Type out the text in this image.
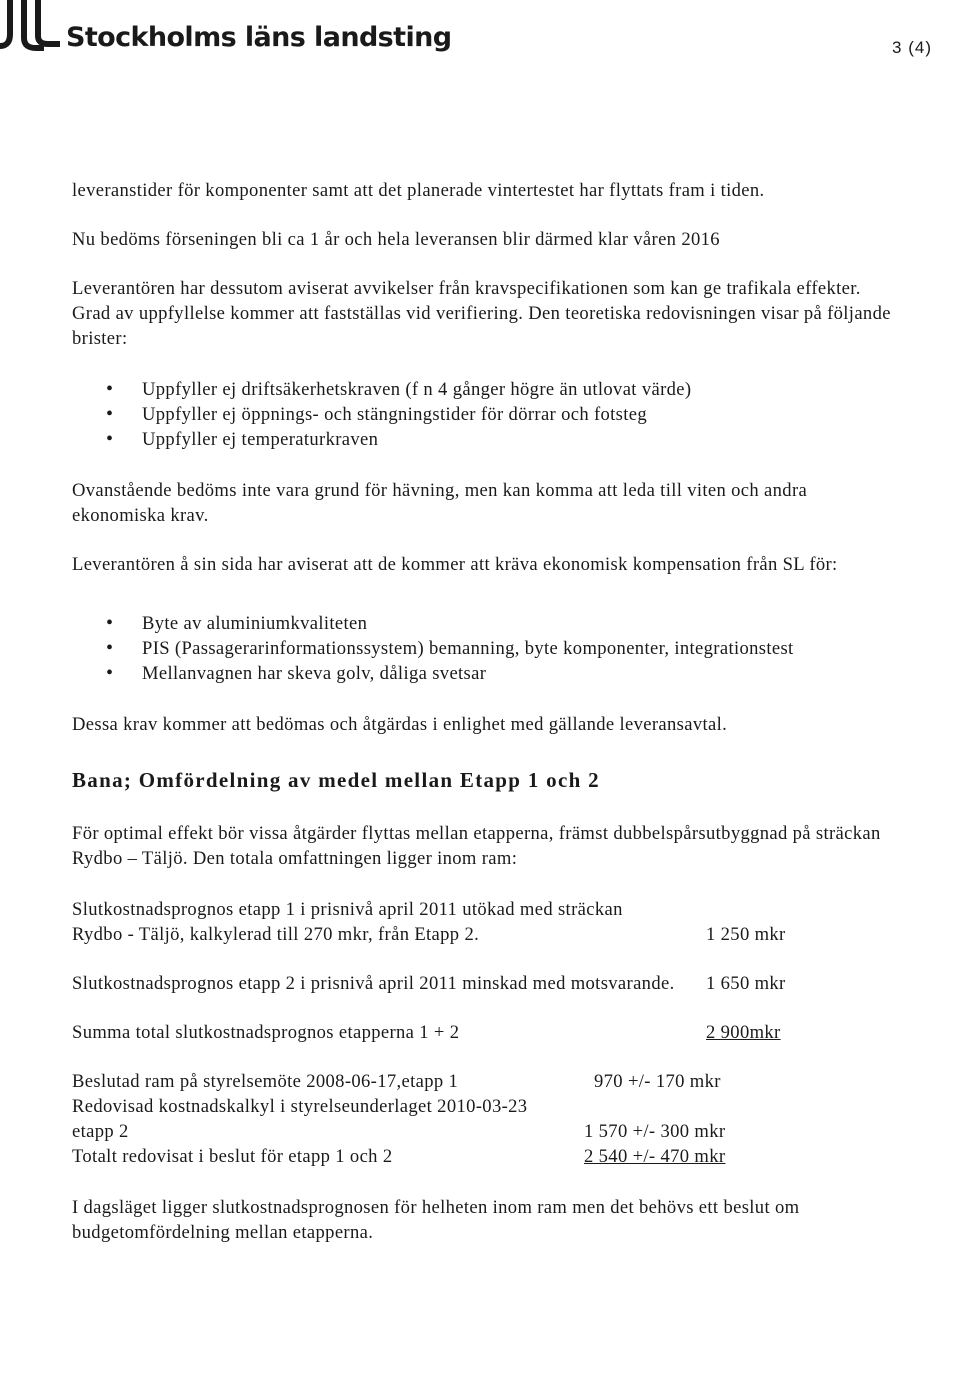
Stockholms läns landsting	3 (4)

leveranstider för komponenter samt att det planerade vintertestet har flyttats fram i tiden.

Nu bedöms förseningen bli ca 1 år och hela leveransen blir därmed klar våren 2016

Leverantören har dessutom aviserat avvikelser från kravspecifikationen som kan ge trafikala effekter. Grad av uppfyllelse kommer att fastställas vid verifiering. Den teoretiska redovisningen visar på följande brister:

• Uppfyller ej driftsäkerhetskraven (f n 4 gånger högre än utlovat värde)
• Uppfyller ej öppnings- och stängningstider för dörrar och fotsteg
• Uppfyller ej temperaturkraven

Ovanstående bedöms inte vara grund för hävning, men kan komma att leda till viten och andra ekonomiska krav.

Leverantören å sin sida har aviserat att de kommer att kräva ekonomisk kompensation från SL för:

• Byte av aluminiumkvaliteten
• PIS (Passagerarinformationssystem) bemanning, byte komponenter, integrationstest
• Mellanvagnen har skeva golv, dåliga svetsar

Dessa krav kommer att bedömas och åtgärdas i enlighet med gällande leveransavtal.

Bana; Omfördelning av medel mellan Etapp 1 och 2

För optimal effekt bör vissa åtgärder flyttas mellan etapperna, främst dubbelspårsutbyggnad på sträckan Rydbo – Täljö. Den totala omfattningen ligger inom ram:

Slutkostnadsprognos etapp 1 i prisnivå april 2011 utökad med sträckan Rydbo - Täljö, kalkylerad till 270 mkr, från Etapp 2.	1 250 mkr
Slutkostnadsprognos etapp 2 i prisnivå april 2011 minskad med motsvarande.	1 650 mkr
Summa total slutkostnadsprognos etapperna 1 + 2	2 900mkr
Beslutad ram på styrelsemöte 2008-06-17,etapp 1	970 +/- 170 mkr
Redovisad kostnadskalkyl i styrelseunderlaget 2010-03-23 etapp 2	1 570 +/- 300 mkr
Totalt redovisat i beslut för etapp 1 och 2	2 540 +/- 470 mkr

I dagsläget ligger slutkostnadsprognosen för helheten inom ram men det behövs ett beslut om budgetomfördelning mellan etapperna.
